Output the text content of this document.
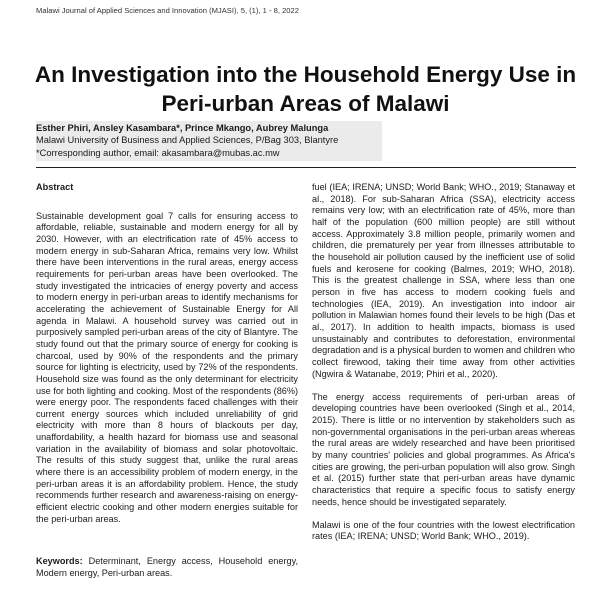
Malawi Journal of Applied Sciences and Innovation (MJASI), 5, (1), 1 - 8, 2022
An Investigation into the Household Energy Use in Peri-urban Areas of Malawi
Esther Phiri, Ansley Kasambara*, Prince Mkango, Aubrey Malunga
Malawi University of Business and Applied Sciences, P/Bag 303, Blantyre
*Corresponding author, email: akasambara@mubas.ac.mw

Abstract

Sustainable development goal 7 calls for ensuring access to affordable, reliable, sustainable and modern energy for all by 2030. However, with an electrification rate of 45% access to modern energy in sub-Saharan Africa, remains very low. Whilst there have been interventions in the rural areas, energy access requirements for peri-urban areas have been overlooked. The study investigated the intricacies of energy poverty and access to modern energy in peri-urban areas to identify mechanisms for accelerating the achievement of Sustainable Energy for All agenda in Malawi. A household survey was carried out in purposively sampled peri-urban areas of the city of Blantyre. The study found out that the primary source of energy for cooking is charcoal, used by 90% of the respondents and the primary source for lighting is electricity, used by 72% of the respondents. Household size was found as the only determinant for electricity use for both lighting and cooking. Most of the respondents (86%) were energy poor. The respondents faced challenges with their current energy sources which included unreliability of grid electricity with more than 8 hours of blackouts per day, unaffordability, a health hazard for biomass use and seasonal variation in the availability of biomass and solar photovoltaic. The results of this study suggest that, unlike the rural areas where there is an accessibility problem of modern energy, in the peri-urban areas it is an affordability problem. Hence, the study recommends further research and awareness-raising on energy-efficient electric cooking and other modern energies suitable for the peri-urban areas.

Keywords: Determinant, Energy access, Household energy, Modern energy, Peri-urban areas.

fuel (IEA; IRENA; UNSD; World Bank; WHO., 2019; Stanaway et al., 2018). For sub-Saharan Africa (SSA), electricity access remains very low; with an electrification rate of 45%, more than half of the population (600 million people) are still without access. Approximately 3.8 million people, primarily women and children, die prematurely per year from illnesses attributable to the household air pollution caused by the inefficient use of solid fuels and kerosene for cooking (Balmes, 2019; WHO, 2018). This is the greatest challenge in SSA, where less than one person in five has access to modern cooking fuels and technologies (IEA, 2019). An investigation into indoor air pollution in Malawian homes found their levels to be high (Das et al., 2017). In addition to health impacts, biomass is used unsustainably and contributes to deforestation, environmental degradation and is a physical burden to women and children who collect firewood, taking their time away from other activities (Ngwira & Watanabe, 2019; Phiri et al., 2020).

The energy access requirements of peri-urban areas of developing countries have been overlooked (Singh et al., 2014, 2015). There is little or no intervention by stakeholders such as non-governmental organisations in the peri-urban areas whereas the rural areas are widely researched and have been prioritised by many countries' policies and global programmes. As Africa's cities are growing, the peri-urban population will also grow. Singh et al. (2015) further state that peri-urban areas have dynamic characteristics that require a specific focus to satisfy energy needs, hence should be investigated separately.

Malawi is one of the four countries with the lowest electrification rates (IEA; IRENA; UNSD; World Bank; WHO., 2019).
